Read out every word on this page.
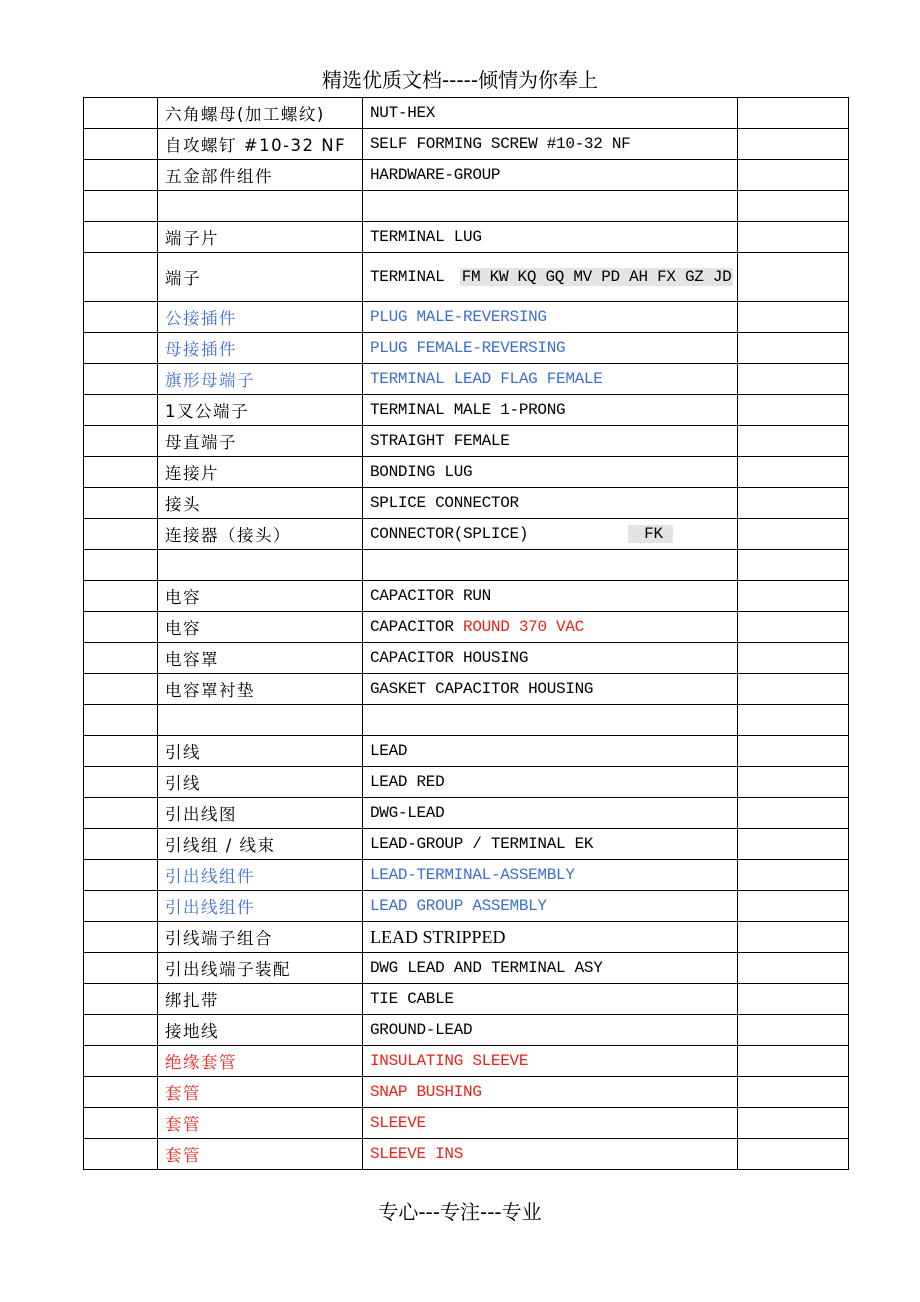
精选优质文档-----倾情为你奉上
	六角螺母(加工螺纹)	NUT-HEX	
	自攻螺钉 #10-32 NF	SELF FORMING SCREW #10-32 NF	
	五金部件组件	HARDWARE-GROUP	

	端子片	TERMINAL LUG	
	端子	TERMINAL FM KW KQ GQ MV PD AH FX GZ JD	
	公接插件	PLUG MALE-REVERSING	
	母接插件	PLUG FEMALE-REVERSING	
	旗形母端子	TERMINAL LEAD FLAG FEMALE	
	1叉公端子	TERMINAL MALE 1-PRONG	
	母直端子	STRAIGHT FEMALE	
	连接片	BONDING LUG	
	接头	SPLICE CONNECTOR	
	连接器（接头）	CONNECTOR(SPLICE) FK	

	电容	CAPACITOR RUN	
	电容	CAPACITOR ROUND 370 VAC	
	电容罩	CAPACITOR HOUSING	
	电容罩衬垫	GASKET CAPACITOR HOUSING	

	引线	LEAD	
	引线	LEAD RED	
	引出线图	DWG-LEAD	
	引线组 / 线束	LEAD-GROUP / TERMINAL EK	
	引出线组件	LEAD-TERMINAL-ASSEMBLY	
	引出线组件	LEAD GROUP ASSEMBLY	
	引线端子组合	LEAD STRIPPED	
	引出线端子装配	DWG LEAD AND TERMINAL ASY	
	绑扎带	TIE CABLE	
	接地线	GROUND-LEAD	
	绝缘套管	INSULATING SLEEVE	
	套管	SNAP BUSHING	
	套管	SLEEVE	
	套管	SLEEVE INS	
专心---专注---专业
